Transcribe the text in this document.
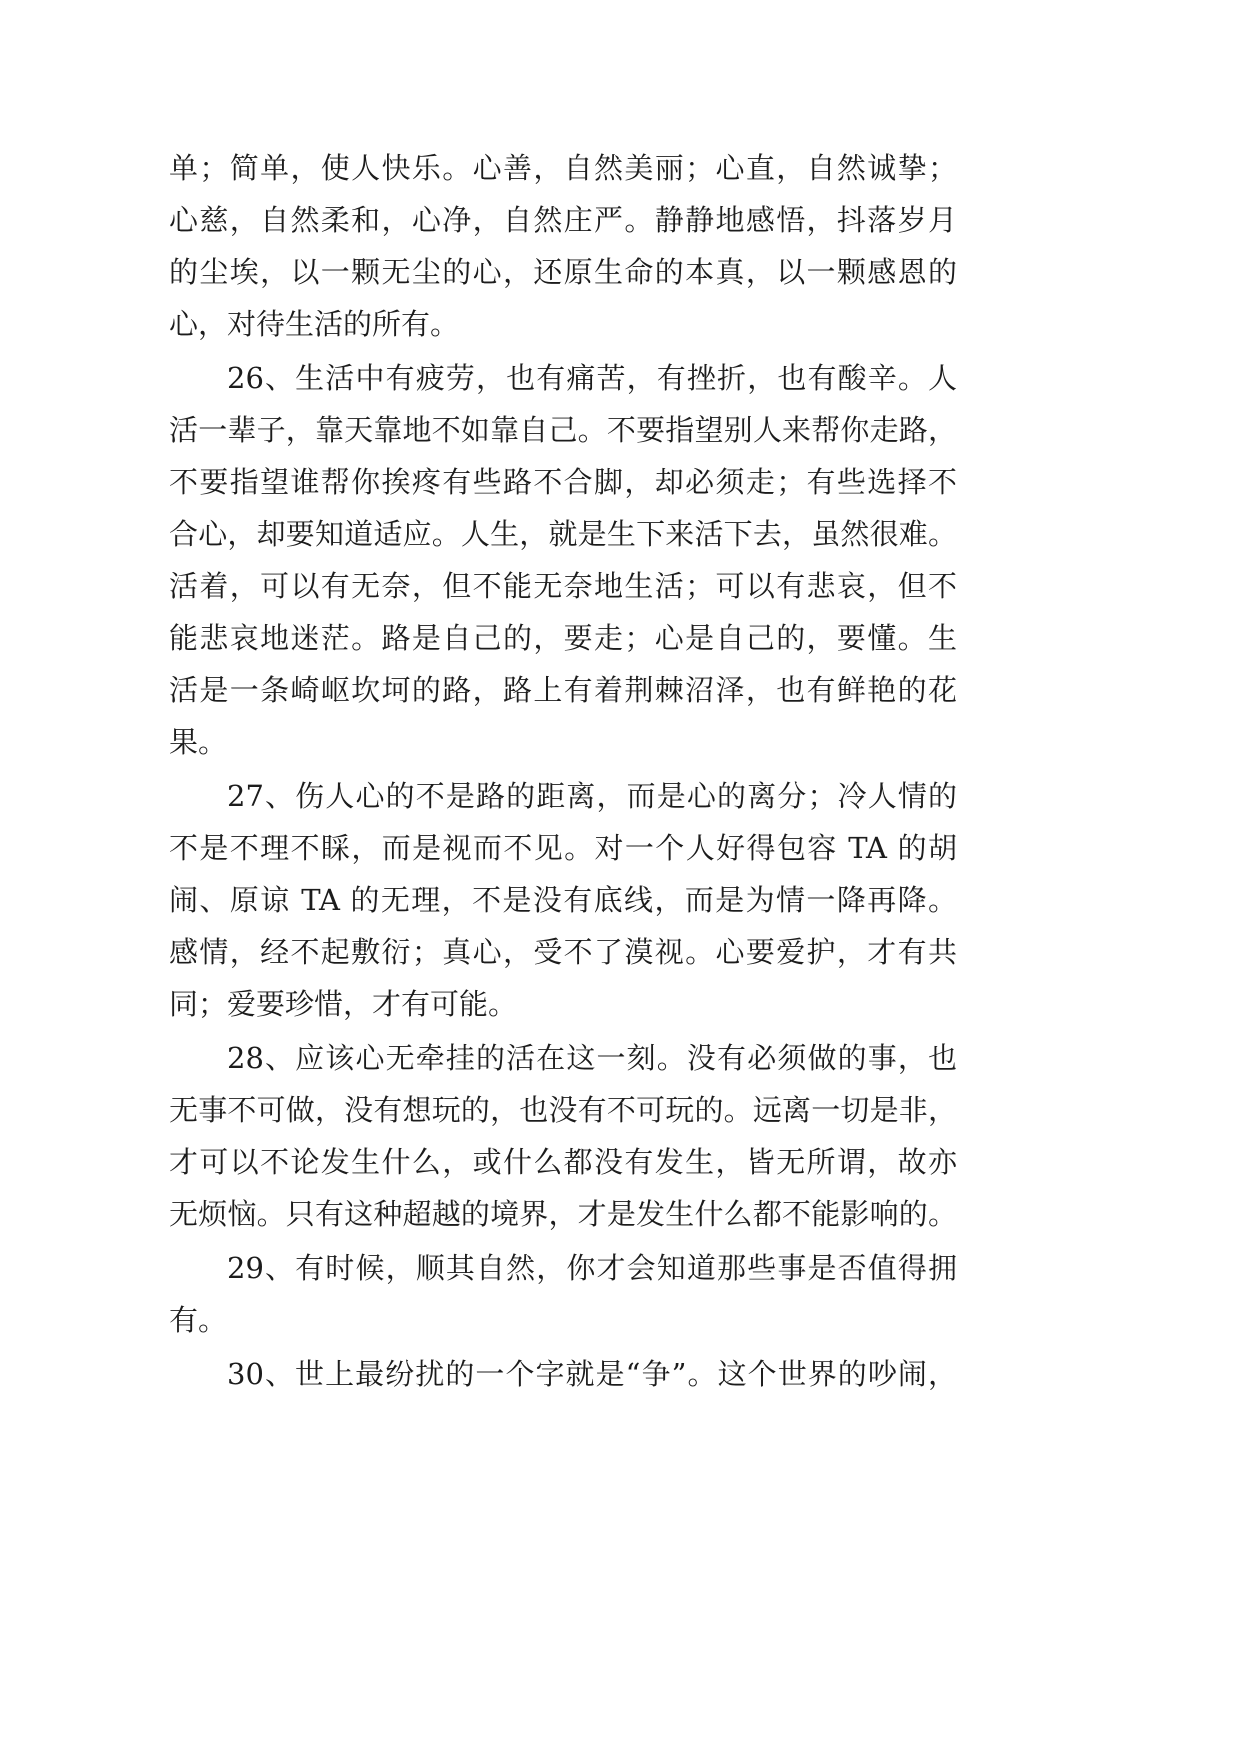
单；简单，使人快乐。心善，自然美丽；心直，自然诚挚；
心慈，自然柔和，心净，自然庄严。静静地感悟，抖落岁月
的尘埃，以一颗无尘的心，还原生命的本真，以一颗感恩的
心，对待生活的所有。
26、生活中有疲劳，也有痛苦，有挫折，也有酸辛。人
活一辈子，靠天靠地不如靠自己。不要指望别人来帮你走路，
不要指望谁帮你挨疼有些路不合脚，却必须走；有些选择不
合心，却要知道适应。人生，就是生下来活下去，虽然很难。
活着，可以有无奈，但不能无奈地生活；可以有悲哀，但不
能悲哀地迷茫。路是自己的，要走；心是自己的，要懂。生
活是一条崎岖坎坷的路，路上有着荆棘沼泽，也有鲜艳的花
果。
27、伤人心的不是路的距离，而是心的离分；冷人情的
不是不理不睬，而是视而不见。对一个人好得包容 TA 的胡
闹、原谅 TA 的无理，不是没有底线，而是为情一降再降。
感情，经不起敷衍；真心，受不了漠视。心要爱护，才有共
同；爱要珍惜，才有可能。
28、应该心无牵挂的活在这一刻。没有必须做的事，也
无事不可做，没有想玩的，也没有不可玩的。远离一切是非，
才可以不论发生什么，或什么都没有发生，皆无所谓，故亦
无烦恼。只有这种超越的境界，才是发生什么都不能影响的。
29、有时候，顺其自然，你才会知道那些事是否值得拥
有。
30、世上最纷扰的一个字就是“争”。这个世界的吵闹，
